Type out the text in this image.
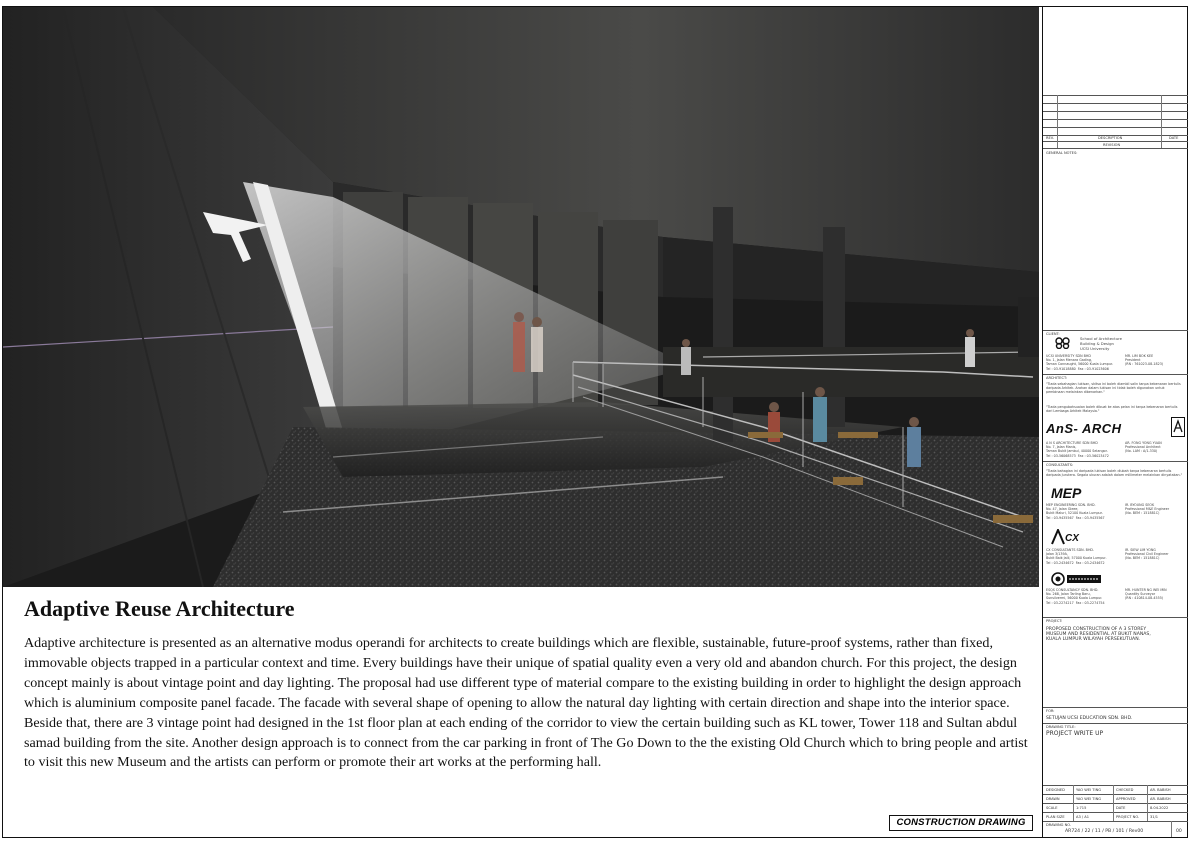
Adaptive Reuse Architecture

Adaptive architecture is presented as an alternative modus operandi for architects to create buildings which are flexible, sustainable, future-proof systems, rather than fixed, immovable objects trapped in a particular context and time. Every buildings have their unique of spatial quality even a very old and abandon church. For this project, the design concept mainly is about vintage point and day lighting. The proposal had use different type of material compare to the existing building in order to highlight the design approach which is aluminium composite panel facade. The facade with several shape of opening to allow the natural day lighting with certain direction and shape into the interior space. Beside that, there are 3 vintage point had designed in the 1st floor plan at each ending of the corridor to view the certain building such as KL tower, Tower 118 and Sultan abdul samad building from the site. Another design approach is to connect from the car parking in front of The Go Down to the the existing Old Church which to bring people and artist to visit this new Museum and the artists can perform or promote their art works at the performing hall.

CONSTRUCTION DRAWING
REV.	DESCRIPTION	DATE
REVISION
GENERAL NOTES:
CLIENT:
School of Architecture
Building & Design
UCSI University
UCSI UNIVERSITY SDN BHD
No. 1, Jalan Menara Gading,
Taman Connaught, 56000 Kuala Lumpur.
Tel : 03-91018880  Fax : 03-91023606
MR. LIM BOK KEE
President
(RN : 761023-08-1823)
ARCHITECT:
"Tiada sebahagian lukisan, skitsa ini boleh diambil salin tanpa kebenaran bertulis daripada Arkitek. Arahan dalam lukisan ini tidak boleh digunakan untuk pembinaan melainkan dibenarkan."
"Tiada pengubahsuaian boleh dibuat ke atas pelan ini tanpa kebenaran bertulis dari Lembaga Arkitek Malaysia."
AnS- ARCH
A N S ARCHITECTURE SDN BHD
No. 7, Jalan Manis,
Taman Bukit Jambul, 40000 Selangor.
Tel : 03-56068573  Fax : 03-56023472
AR. FONG YONG YUAN
Professional Architect
(No. LAM : A/1-330)
CONSULTANTS:
"Tiada bahagian ini daripada lukisan boleh diubah tanpa kebenaran bertulis daripada Jurutera. Segala ukuran adalah dalam millimeter melainkan dinyatakan."
MEP
MEP ENGINEERING SDN. BHD.
No. 47, Jalan Gleee,
Bukit Maluri, 52100 Kuala Lumpur.
Tel : 03-9435567  Fax : 03-9435567
IR. BYOUNG SEOK
Professional M&E Engineer
(No. BEM : 151881C)
CX
CX CONSULTANTS SDN. BHD.
Jalan 3/139A,
Bukit Baik Jalil, 57000 Kuala Lumpur.
Tel : 03-2434672  Fax : 03-2434672
IR. SIEW LIM YONG
Professional Civil Engineer
(No. BEM : 151881C)
ESQS CONSULTANCY SDN. BHD.
No. 268, Jalan Tarling Baru,
Sunsilvermi, 56000 Kuala Lumpur.
Tel : 03-2274217  Fax : 03-2274754
MR. HUNTER NG WEI MIN
Quantity Surveyor
(RN : 410814-08-4555)
PROJECT:
PROPOSED CONSTRUCTION OF A 3 STOREY
MUSEUM AND RESIDENTIAL AT BUKIT NANAS,
KUALA LUMPUR WILAYAH PERSEKUTUAN.
FOR:
SETUJAN UCSI EDUCATION SDN. BHD.
DRAWING TITLE:
PROJECT WRITE UP
DESIGNED	YAO WEI TING	CHECKED	AR. BABISH
DRAWN	YAO WEI TING	APPROVED	AR. BABISH
SCALE	1:715	DATE	8.04.2022
PLAN SIZE	A3 / A1	PROJECT NO.	31/1
DRAWING NO.
AR724 / 22 / 11 / PB / 101 / Rev00	00
